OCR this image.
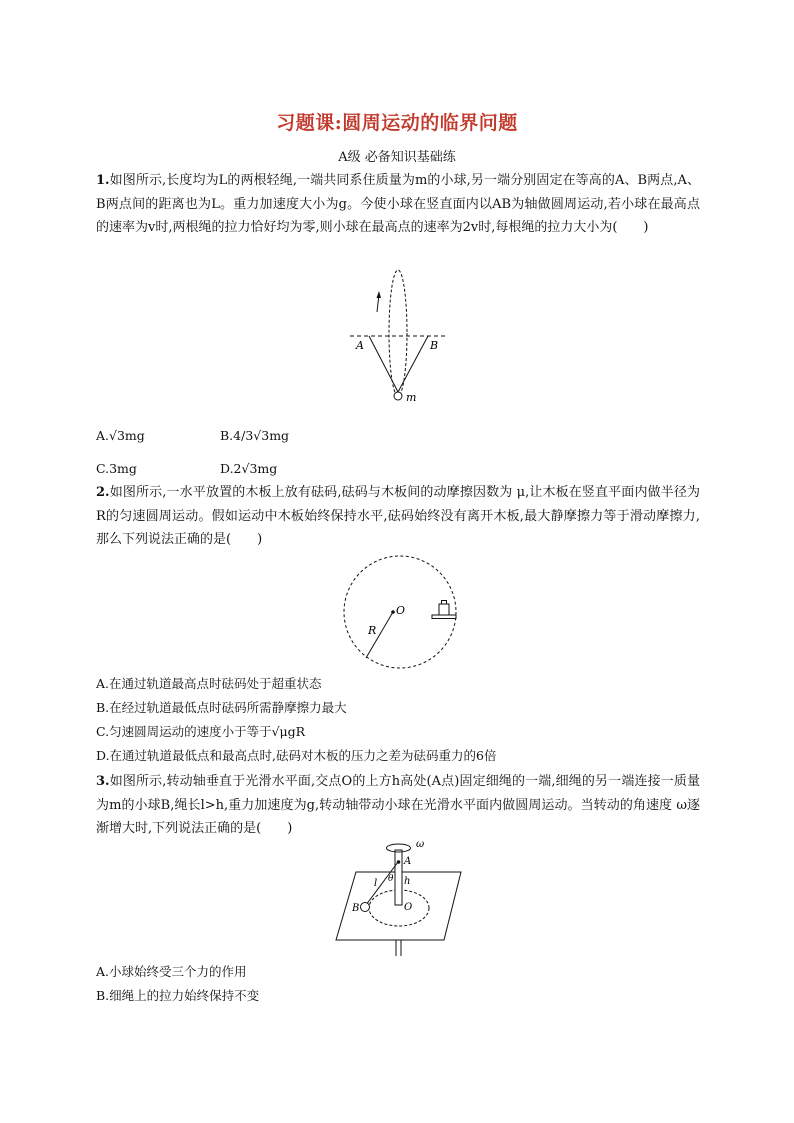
习题课:圆周运动的临界问题
A级 必备知识基础练
1.如图所示,长度均为L的两根轻绳,一端共同系住质量为m的小球,另一端分别固定在等高的A、B两点,A、B两点间的距离也为L。重力加速度大小为g。今使小球在竖直面内以AB为轴做圆周运动,若小球在最高点的速率为v时,两根绳的拉力恰好均为零,则小球在最高点的速率为2v时,每根绳的拉力大小为(　　)
A	B
m
A.√3mg	B.4/3√3mg
C.3mg	D.2√3mg
2.如图所示,一水平放置的木板上放有砝码,砝码与木板间的动摩擦因数为 μ,让木板在竖直平面内做半径为R的匀速圆周运动。假如运动中木板始终保持水平,砝码始终没有离开木板,最大静摩擦力等于滑动摩擦力,那么下列说法正确的是(　　)
O
R
A.在通过轨道最高点时砝码处于超重状态
B.在经过轨道最低点时砝码所需静摩擦力最大
C.匀速圆周运动的速度小于等于√μgR
D.在通过轨道最低点和最高点时,砝码对木板的压力之差为砝码重力的6倍
3.如图所示,转动轴垂直于光滑水平面,交点O的上方h高处(A点)固定细绳的一端,细绳的另一端连接一质量为m的小球B,绳长l>h,重力加速度为g,转动轴带动小球在光滑水平面内做圆周运动。当转动的角速度 ω逐渐增大时,下列说法正确的是(　　)
ω
A
l θ h
B	O
A.小球始终受三个力的作用
B.细绳上的拉力始终保持不变
